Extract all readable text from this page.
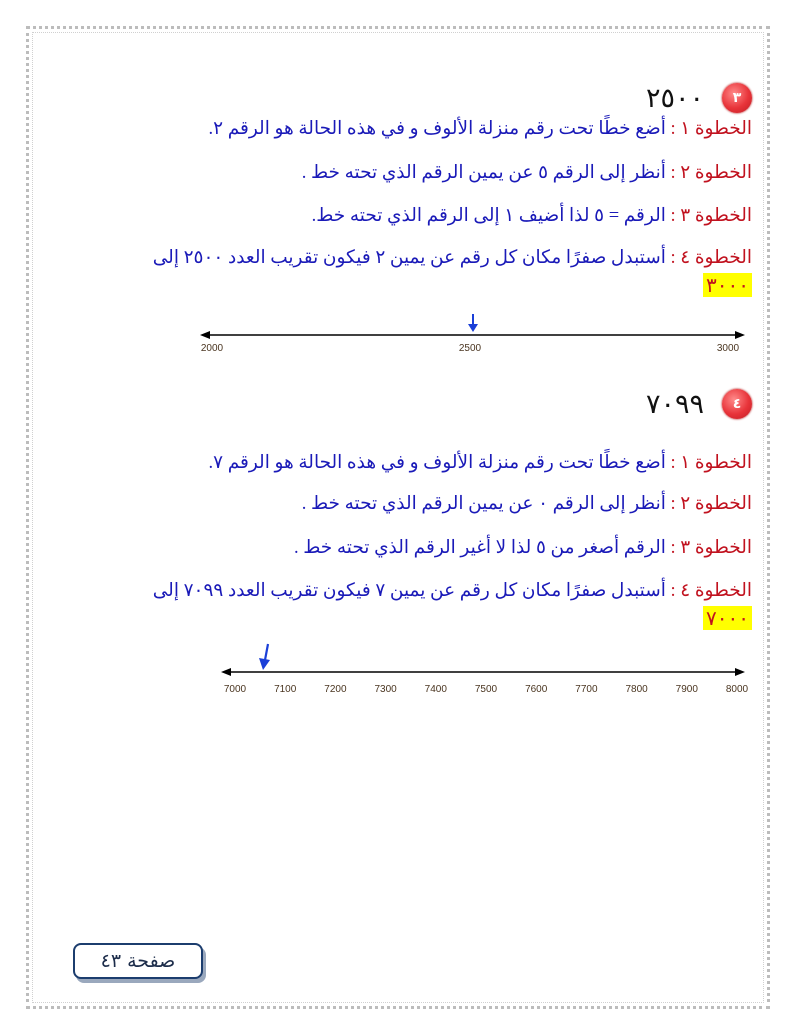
٢٥٠٠	٣
الخطوة ١ : أضع خطًا تحت رقم منزلة الألوف و في هذه الحالة هو الرقم ٢.
الخطوة ٢ : أنظر إلى الرقم ٥ عن يمين الرقم الذي تحته خط .
الخطوة ٣ : الرقم = ٥ لذا أضيف ١ إلى الرقم الذي تحته خط.
الخطوة ٤ : أستبدل صفرًا مكان كل رقم عن يمين ٢ فيكون تقريب العدد ٢٥٠٠ إلى
٣٠٠٠
2000	2500	3000
٧٠٩٩	٤
الخطوة ١ : أضع خطًا تحت رقم منزلة الألوف و في هذه الحالة هو الرقم ٧.
الخطوة ٢ : أنظر إلى الرقم ٠ عن يمين الرقم الذي تحته خط .
الخطوة ٣ : الرقم أصغر من ٥ لذا لا أغير الرقم الذي تحته خط .
الخطوة ٤ : أستبدل صفرًا مكان كل رقم عن يمين ٧ فيكون تقريب العدد ٧٠٩٩ إلى
٧٠٠٠
7000	7100	7200	7300	7400	7500	7600	7700	7800	7900	8000
صفحة ٤٣
